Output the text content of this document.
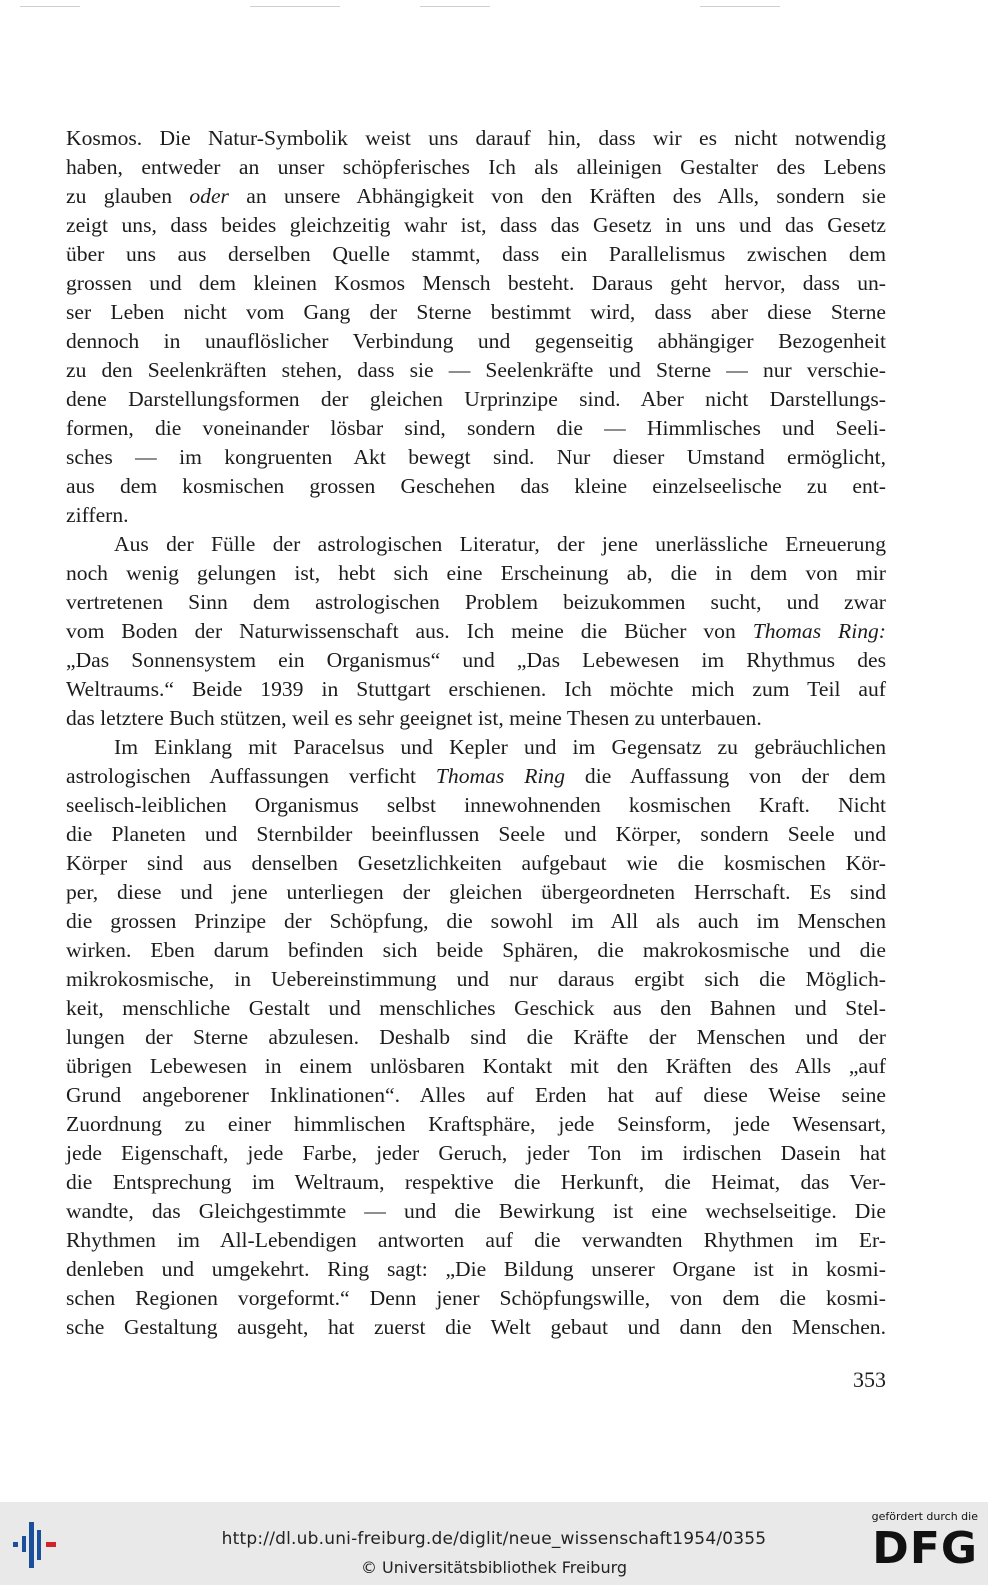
Kosmos. Die Natur-Symbolik weist uns darauf hin, dass wir es nicht notwendig
haben, entweder an unser schöpferisches Ich als alleinigen Gestalter des Lebens
zu glauben oder an unsere Abhängigkeit von den Kräften des Alls, sondern sie
zeigt uns, dass beides gleichzeitig wahr ist, dass das Gesetz in uns und das Gesetz
über uns aus derselben Quelle stammt, dass ein Parallelismus zwischen dem
grossen und dem kleinen Kosmos Mensch besteht. Daraus geht hervor, dass un-
ser Leben nicht vom Gang der Sterne bestimmt wird, dass aber diese Sterne
dennoch in unauflöslicher Verbindung und gegenseitig abhängiger Bezogenheit
zu den Seelenkräften stehen, dass sie — Seelenkräfte und Sterne — nur verschie-
dene Darstellungsformen der gleichen Urprinzipe sind. Aber nicht Darstellungs-
formen, die voneinander lösbar sind, sondern die — Himmlisches und Seeli-
sches — im kongruenten Akt bewegt sind. Nur dieser Umstand ermöglicht,
aus dem kosmischen grossen Geschehen das kleine einzelseelische zu ent-
ziffern.
Aus der Fülle der astrologischen Literatur, der jene unerlässliche Erneuerung
noch wenig gelungen ist, hebt sich eine Erscheinung ab, die in dem von mir
vertretenen Sinn dem astrologischen Problem beizukommen sucht, und zwar
vom Boden der Naturwissenschaft aus. Ich meine die Bücher von Thomas Ring:
„Das Sonnensystem ein Organismus“ und „Das Lebewesen im Rhythmus des
Weltraums.“ Beide 1939 in Stuttgart erschienen. Ich möchte mich zum Teil auf
das letztere Buch stützen, weil es sehr geeignet ist, meine Thesen zu unterbauen.
Im Einklang mit Paracelsus und Kepler und im Gegensatz zu gebräuchlichen
astrologischen Auffassungen verficht Thomas Ring die Auffassung von der dem
seelisch-leiblichen Organismus selbst innewohnenden kosmischen Kraft. Nicht
die Planeten und Sternbilder beeinflussen Seele und Körper, sondern Seele und
Körper sind aus denselben Gesetzlichkeiten aufgebaut wie die kosmischen Kör-
per, diese und jene unterliegen der gleichen übergeordneten Herrschaft. Es sind
die grossen Prinzipe der Schöpfung, die sowohl im All als auch im Menschen
wirken. Eben darum befinden sich beide Sphären, die makrokosmische und die
mikrokosmische, in Uebereinstimmung und nur daraus ergibt sich die Möglich-
keit, menschliche Gestalt und menschliches Geschick aus den Bahnen und Stel-
lungen der Sterne abzulesen. Deshalb sind die Kräfte der Menschen und der
übrigen Lebewesen in einem unlösbaren Kontakt mit den Kräften des Alls „auf
Grund angeborener Inklinationen“. Alles auf Erden hat auf diese Weise seine
Zuordnung zu einer himmlischen Kraftsphäre, jede Seinsform, jede Wesensart,
jede Eigenschaft, jede Farbe, jeder Geruch, jeder Ton im irdischen Dasein hat
die Entsprechung im Weltraum, respektive die Herkunft, die Heimat, das Ver-
wandte, das Gleichgestimmte — und die Bewirkung ist eine wechselseitige. Die
Rhythmen im All-Lebendigen antworten auf die verwandten Rhythmen im Er-
denleben und umgekehrt. Ring sagt: „Die Bildung unserer Organe ist in kosmi-
schen Regionen vorgeformt.“ Denn jener Schöpfungswille, von dem die kosmi-
sche Gestaltung ausgeht, hat zuerst die Welt gebaut und dann den Menschen.
353
http://dl.ub.uni-freiburg.de/diglit/neue_wissenschaft1954/0355
© Universitätsbibliothek Freiburg
gefördert durch die
DFG
